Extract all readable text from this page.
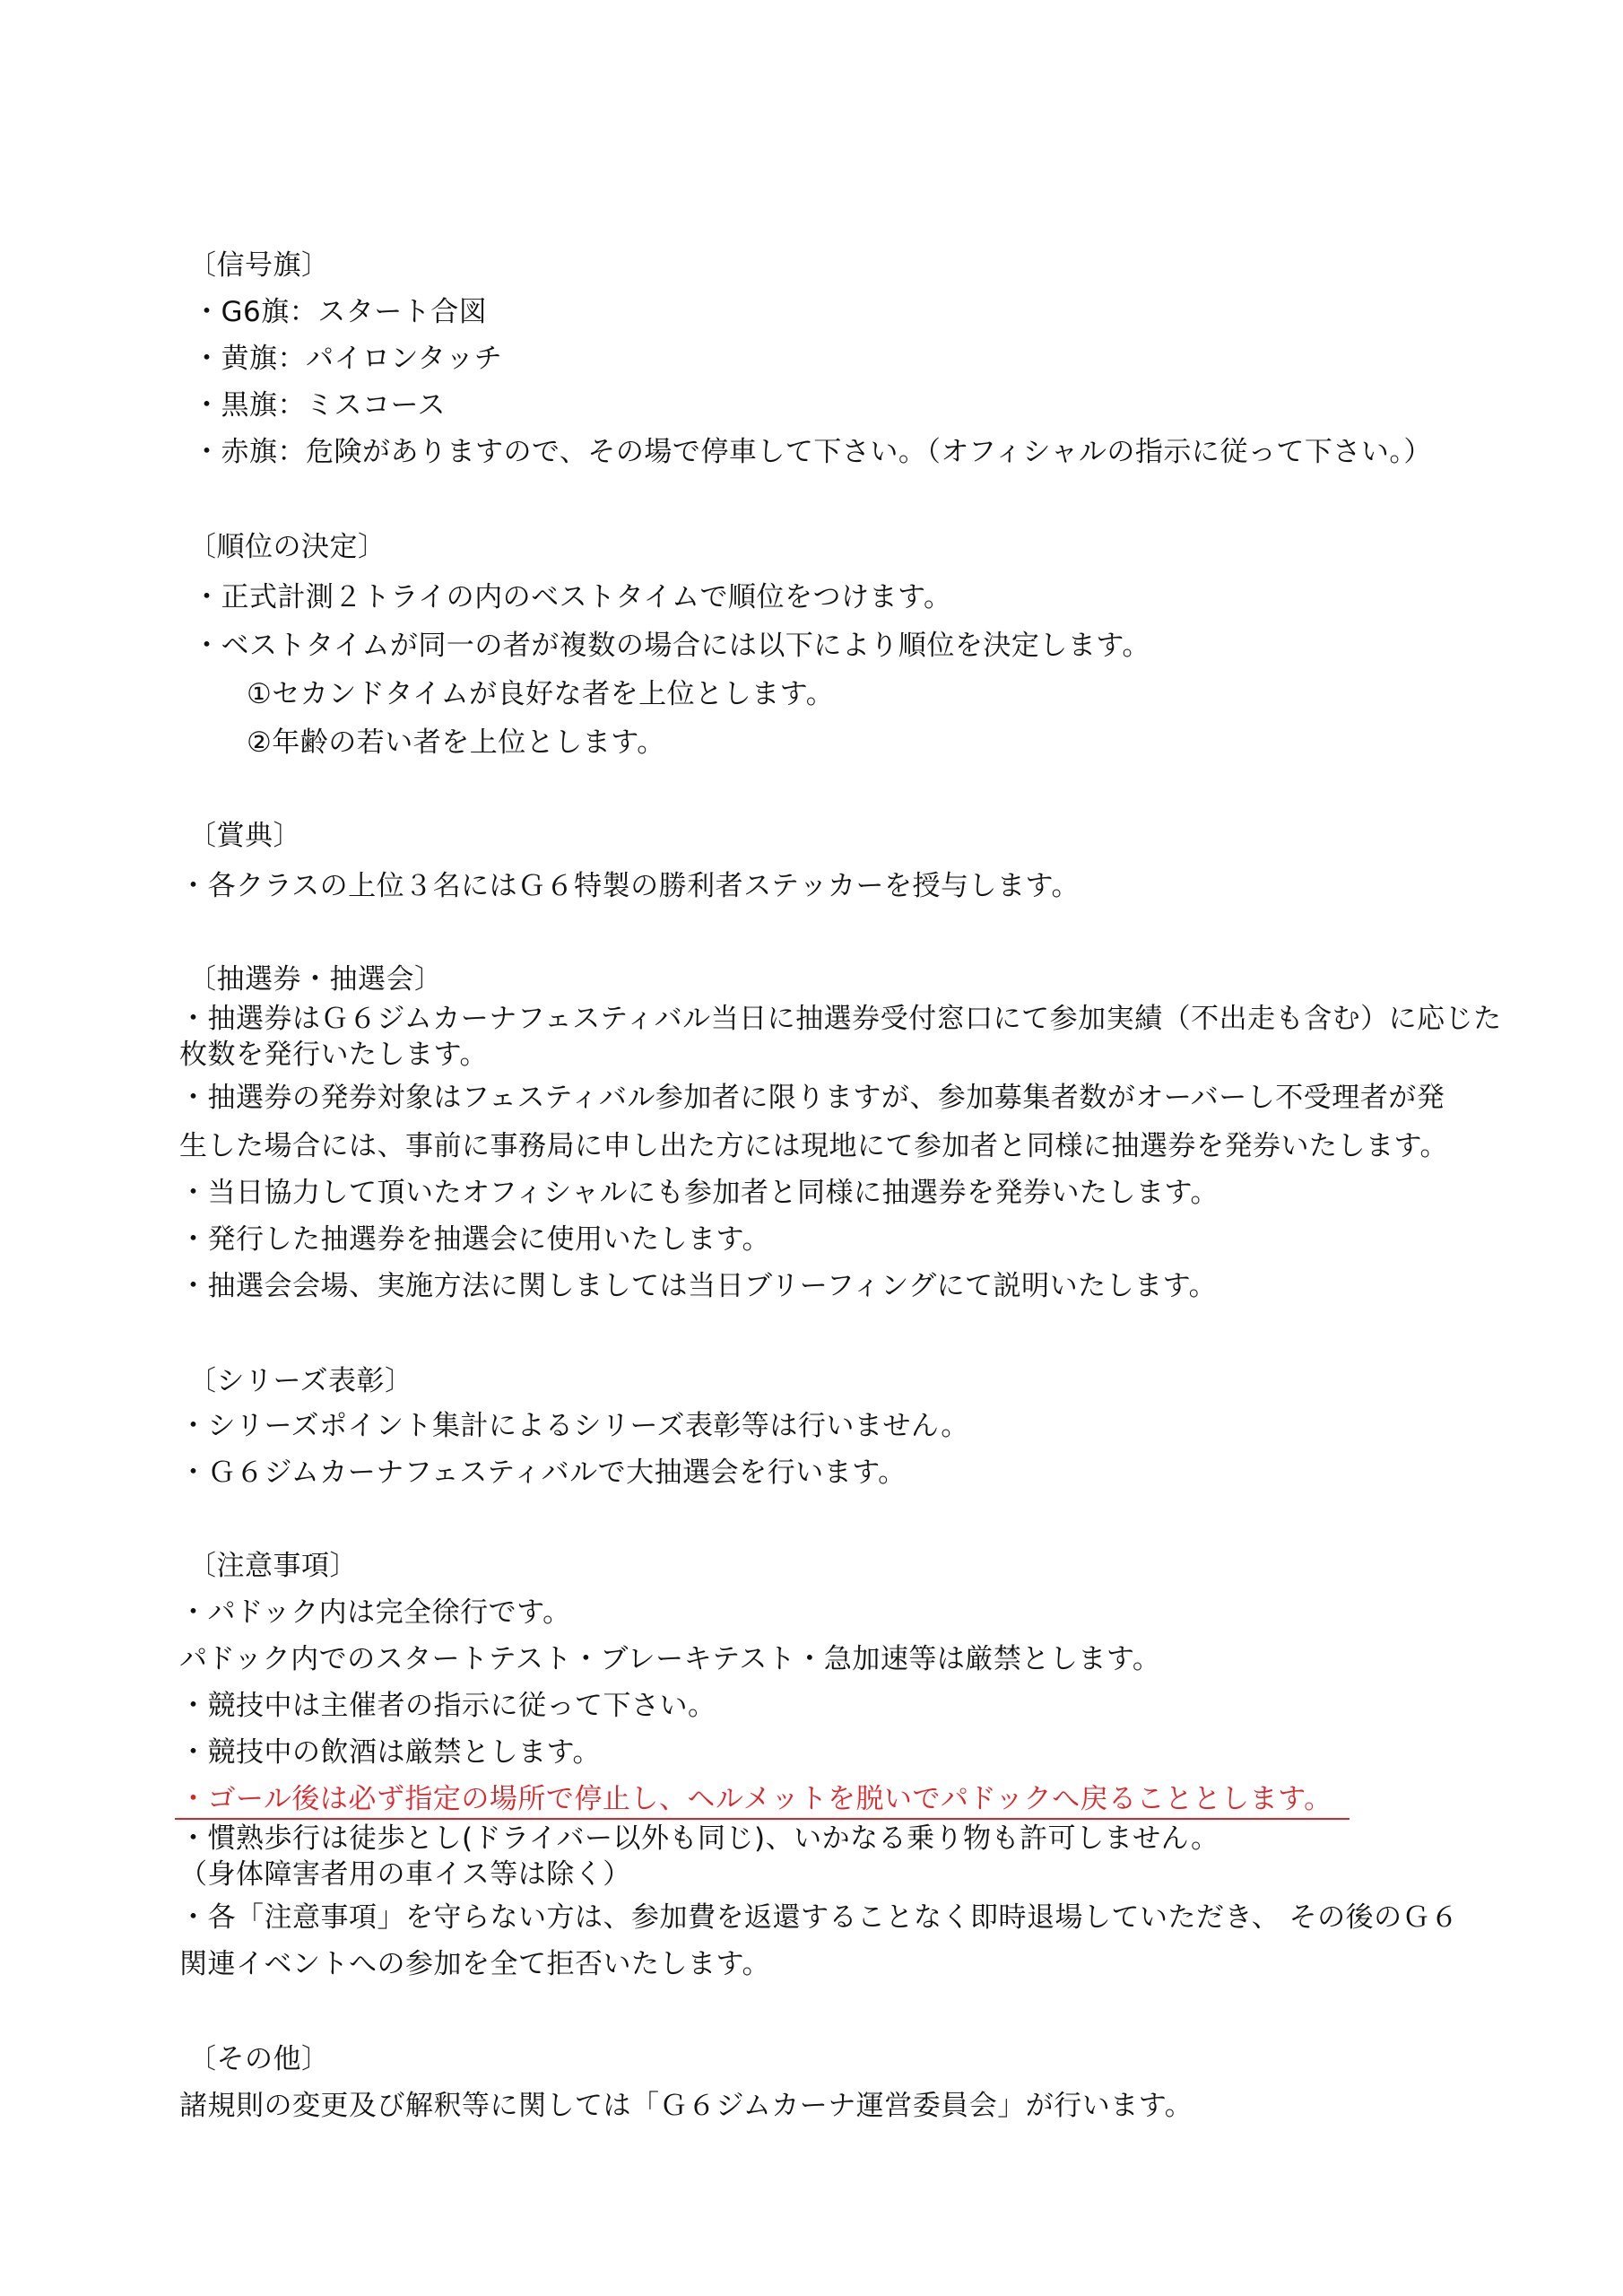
〔信号旗〕
・G6旗：スタート合図
・黄旗：パイロンタッチ
・黒旗：ミスコース
・赤旗：危険がありますので、その場で停車して下さい。（オフィシャルの指示に従って下さい。）
〔順位の決定〕
・正式計測２トライの内のベストタイムで順位をつけます。
・ベストタイムが同一の者が複数の場合には以下により順位を決定します。
①セカンドタイムが良好な者を上位とします。
②年齢の若い者を上位とします。
〔賞典〕
・各クラスの上位３名にはＧ６特製の勝利者ステッカーを授与します。
〔抽選券・抽選会〕
・抽選券はＧ６ジムカーナフェスティバル当日に抽選券受付窓口にて参加実績（不出走も含む）に応じた
枚数を発行いたします。
・抽選券の発券対象はフェスティバル参加者に限りますが、参加募集者数がオーバーし不受理者が発
生した場合には、事前に事務局に申し出た方には現地にて参加者と同様に抽選券を発券いたします。
・当日協力して頂いたオフィシャルにも参加者と同様に抽選券を発券いたします。
・発行した抽選券を抽選会に使用いたします。
・抽選会会場、実施方法に関しましては当日ブリーフィングにて説明いたします。
〔シリーズ表彰〕
・シリーズポイント集計によるシリーズ表彰等は行いません。
・Ｇ６ジムカーナフェスティバルで大抽選会を行います。
〔注意事項〕
・パドック内は完全徐行です。
パドック内でのスタートテスト・ブレーキテスト・急加速等は厳禁とします。
・競技中は主催者の指示に従って下さい。
・競技中の飲酒は厳禁とします。
・ゴール後は必ず指定の場所で停止し、ヘルメットを脱いでパドックへ戻ることとします。
・慣熟歩行は徒歩とし(ドライバー以外も同じ)、いかなる乗り物も許可しません。
（身体障害者用の車イス等は除く）
・各「注意事項」を守らない方は、参加費を返還することなく即時退場していただき、 その後のＧ６
関連イベントへの参加を全て拒否いたします。
〔その他〕
諸規則の変更及び解釈等に関しては「Ｇ６ジムカーナ運営委員会」が行います。
